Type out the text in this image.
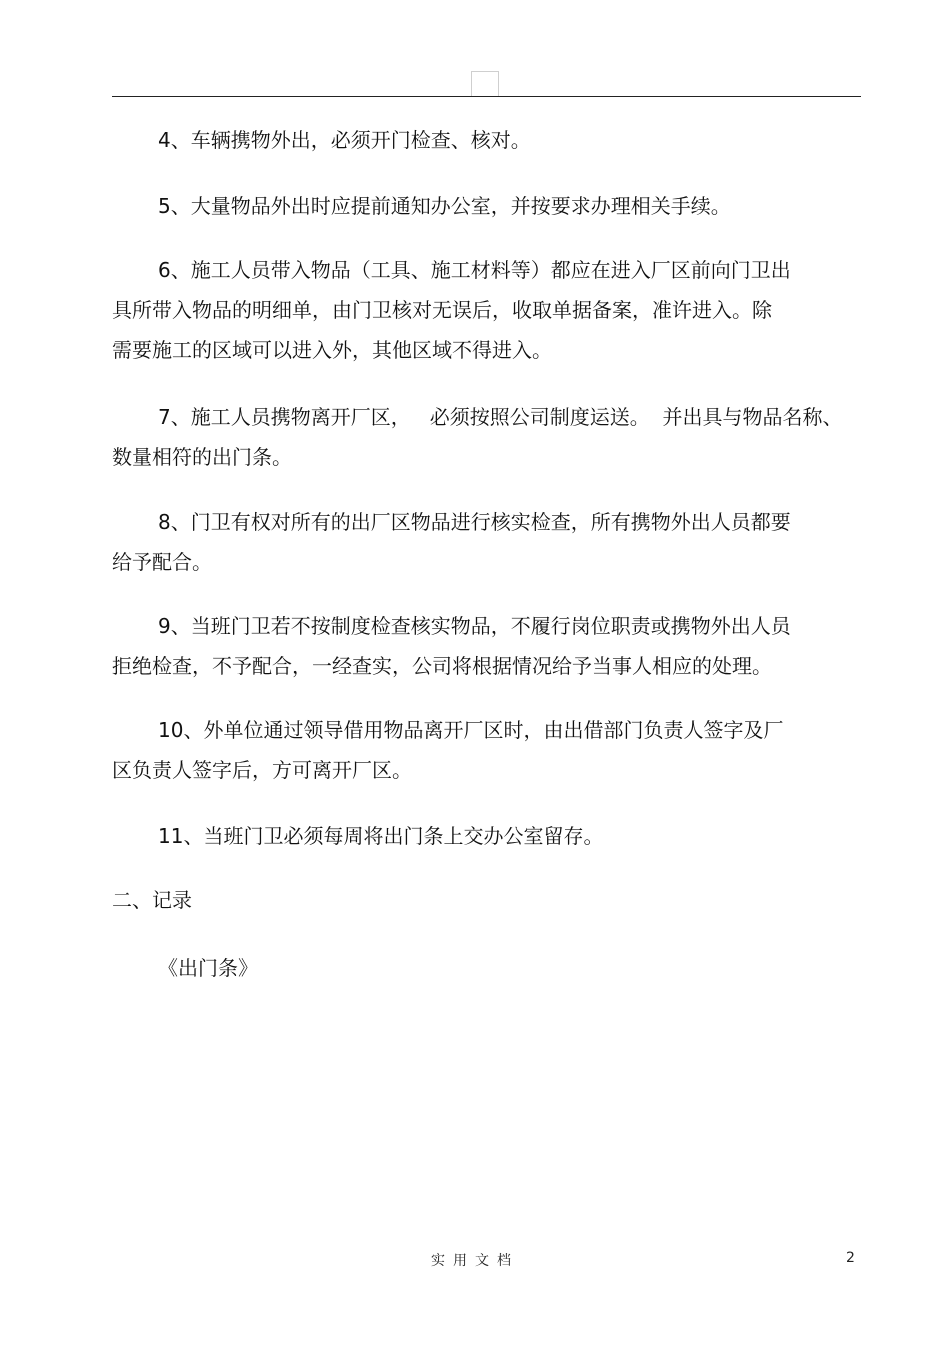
4、车辆携物外出，必须开门检查、核对。

5、大量物品外出时应提前通知办公室，并按要求办理相关手续。

6、施工人员带入物品（工具、施工材料等）都应在进入厂区前向门卫出
具所带入物品的明细单，由门卫核对无误后，收取单据备案，准许进入。除
需要施工的区域可以进入外，其他区域不得进入。

7、施工人员携物离开厂区，   必须按照公司制度运送。  并出具与物品名称、
数量相符的出门条。

8、门卫有权对所有的出厂区物品进行核实检查，所有携物外出人员都要
给予配合。

9、当班门卫若不按制度检查核实物品，不履行岗位职责或携物外出人员
拒绝检查，不予配合，一经查实，公司将根据情况给予当事人相应的处理。

10、外单位通过领导借用物品离开厂区时，由出借部门负责人签字及厂
区负责人签字后，方可离开厂区。

11、当班门卫必须每周将出门条上交办公室留存。

二、记录

《出门条》

实用文档	2
